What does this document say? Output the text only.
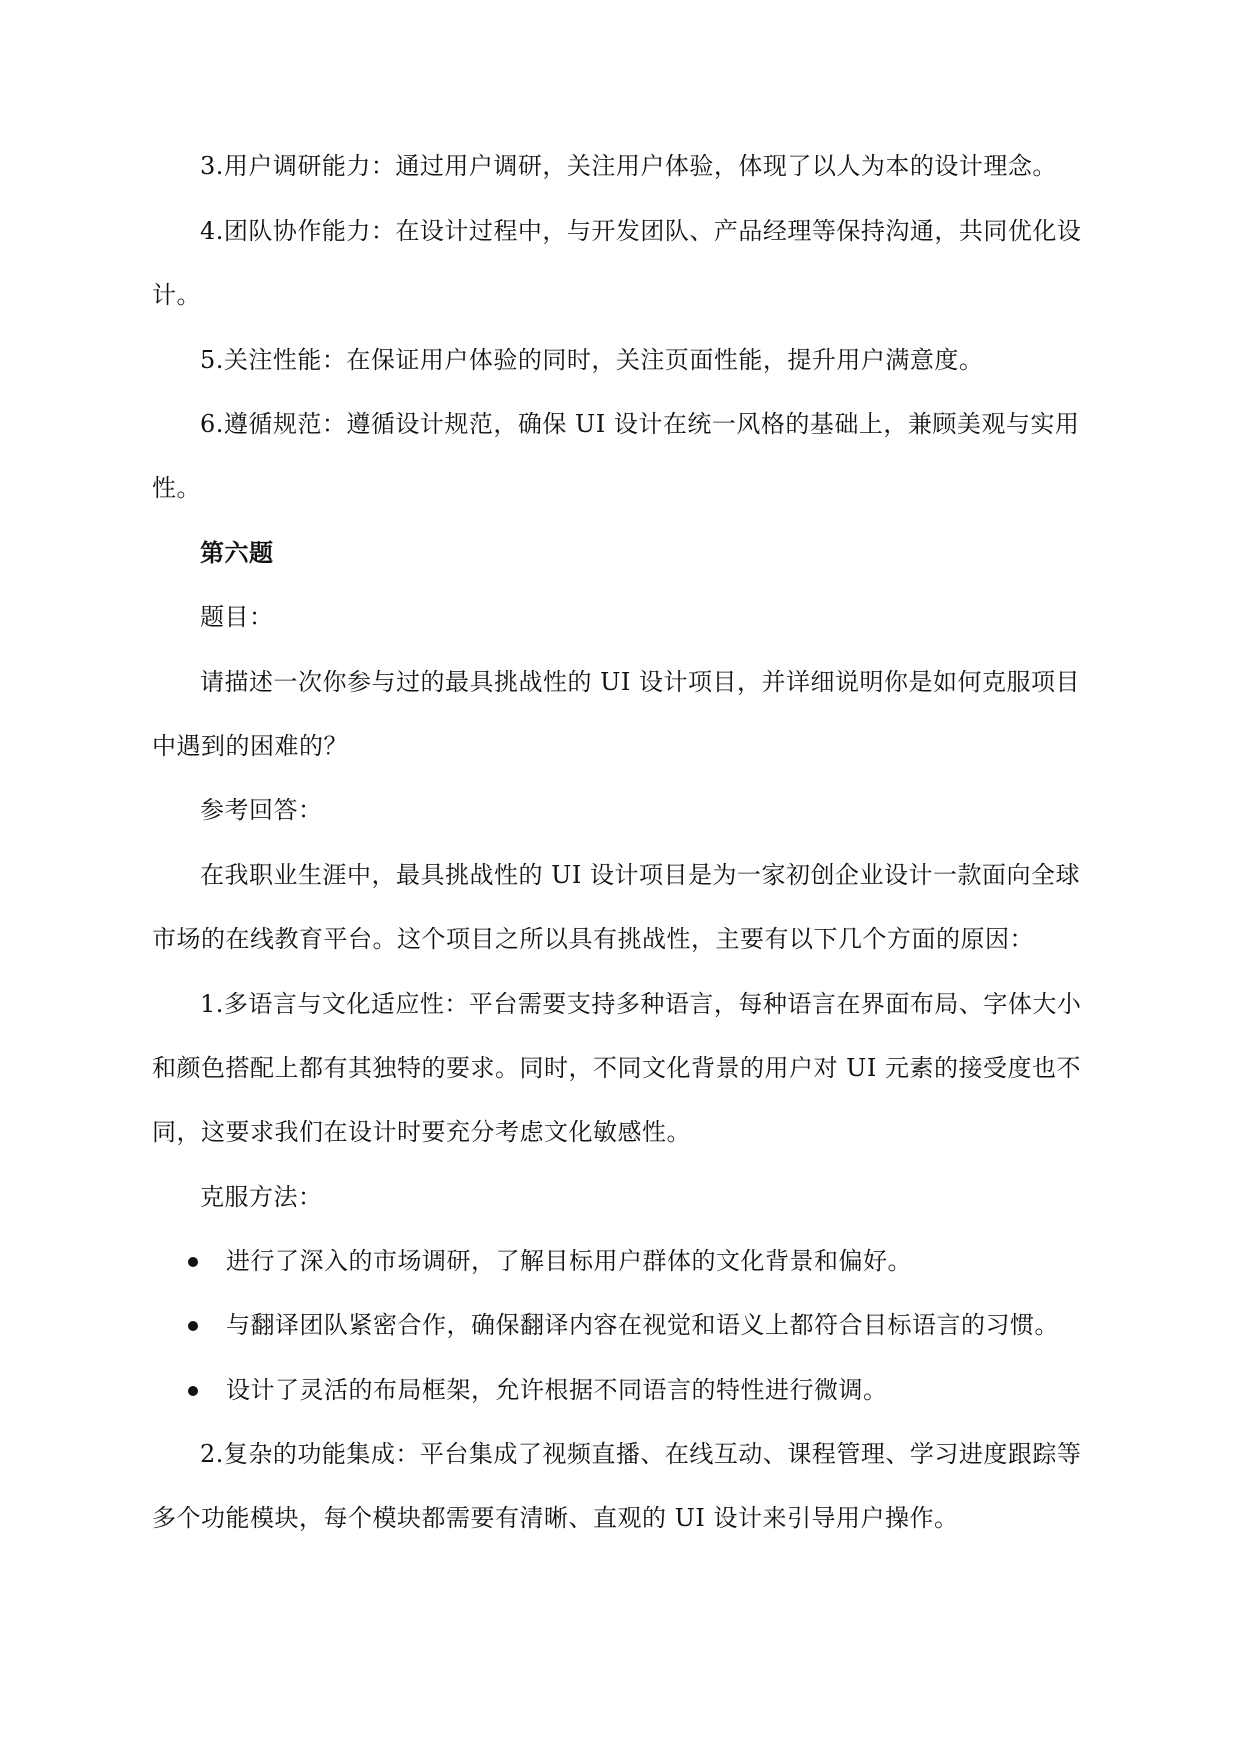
3.用户调研能力：通过用户调研，关注用户体验，体现了以人为本的设计理念。
4.团队协作能力：在设计过程中，与开发团队、产品经理等保持沟通，共同优化设
计。
5.关注性能：在保证用户体验的同时，关注页面性能，提升用户满意度。
6.遵循规范：遵循设计规范，确保 UI 设计在统一风格的基础上，兼顾美观与实用
性。
第六题
题目：
请描述一次你参与过的最具挑战性的 UI 设计项目，并详细说明你是如何克服项目
中遇到的困难的？
参考回答：
在我职业生涯中，最具挑战性的 UI 设计项目是为一家初创企业设计一款面向全球
市场的在线教育平台。这个项目之所以具有挑战性，主要有以下几个方面的原因：
1.多语言与文化适应性：平台需要支持多种语言，每种语言在界面布局、字体大小
和颜色搭配上都有其独特的要求。同时，不同文化背景的用户对 UI 元素的接受度也不
同，这要求我们在设计时要充分考虑文化敏感性。
克服方法：
进行了深入的市场调研，了解目标用户群体的文化背景和偏好。
与翻译团队紧密合作，确保翻译内容在视觉和语义上都符合目标语言的习惯。
设计了灵活的布局框架，允许根据不同语言的特性进行微调。
2.复杂的功能集成：平台集成了视频直播、在线互动、课程管理、学习进度跟踪等
多个功能模块，每个模块都需要有清晰、直观的 UI 设计来引导用户操作。
